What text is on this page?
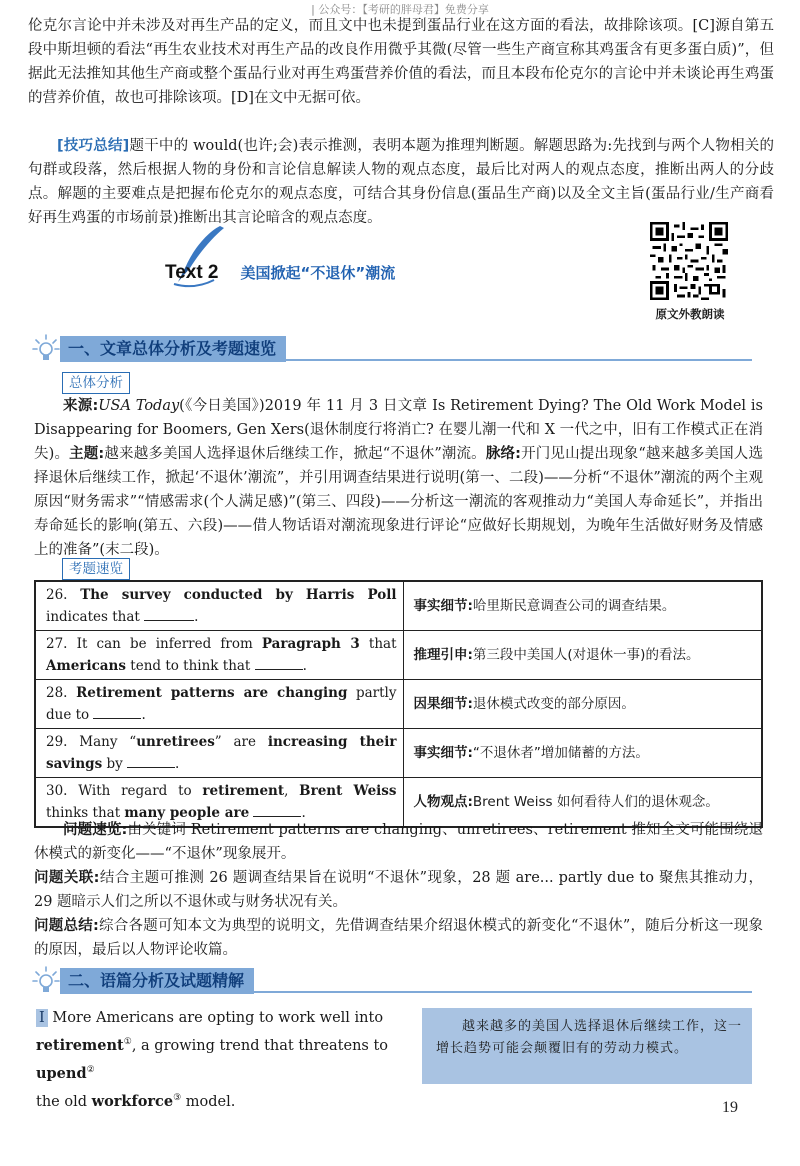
| 公众号：【考研的胖母君】免费分享
伦克尔言论中并未涉及对再生产品的定义，而且文中也未提到蛋品行业在这方面的看法，故排除该项。[C]源自第五段中斯坦顿的看法“再生农业技术对再生产品的改良作用微乎其微(尽管一些生产商宣称其鸡蛋含有更多蛋白质)”，但据此无法推知其他生产商或整个蛋品行业对再生鸡蛋营养价值的看法，而且本段布伦克尔的言论中并未谈论再生鸡蛋的营养价值，故也可排除该项。[D]在文中无据可依。
[技巧总结]题干中的 would(也许;会)表示推测，表明本题为推理判断题。解题思路为:先找到与两个人物相关的句群或段落，然后根据人物的身份和言论信息解读人物的观点态度，最后比对两人的观点态度，推断出两人的分歧点。解题的主要难点是把握布伦克尔的观点态度，可结合其身份信息(蛋品生产商)以及全文主旨(蛋品行业/生产商看好再生鸡蛋的市场前景)推断出其言论暗含的观点态度。
Text 2 美国掀起“不退休”潮流
原文外教朗读
一、文章总体分析及考题速览
总体分析
来源:USA Today(《今日美国》)2019 年 11 月 3 日文章 Is Retirement Dying? The Old Work Model is Disappearing for Boomers, Gen Xers(退休制度行将消亡? 在婴儿潮一代和 X 一代之中，旧有工作模式正在消失)。主题:越来越多美国人选择退休后继续工作，掀起“不退休”潮流。脉络:开门见山提出现象“越来越多美国人选择退休后继续工作，掀起‘不退休’潮流”，并引用调查结果进行说明(第一、二段)——分析“不退休”潮流的两个主观原因“财务需求”“情感需求(个人满足感)”(第三、四段)——分析这一潮流的客观推动力“美国人寿命延长”，并指出寿命延长的影响(第五、六段)——借人物话语对潮流现象进行评论“应做好长期规划，为晚年生活做好财务及情感上的准备”(末二段)。
考题速览
26. The survey conducted by Harris Poll indicates that .	事实细节:哈里斯民意调查公司的调查结果。
27. It can be inferred from Paragraph 3 that Americans tend to think that .	推理引申:第三段中美国人(对退休一事)的看法。
28. Retirement patterns are changing partly due to .	因果细节:退休模式改变的部分原因。
29. Many “unretirees” are increasing their savings by .	事实细节:“不退休者”增加储蓄的方法。
30. With regard to retirement, Brent Weiss thinks that many people are .	人物观点:Brent Weiss 如何看待人们的退休观念。
问题速览:由关键词 Retirement patterns are changing、unretirees、retirement 推知全文可能围绕退休模式的新变化——“不退休”现象展开。
问题关联:结合主题可推测 26 题调查结果旨在说明“不退休”现象，28 题 are... partly due to 聚焦其推动力，29 题暗示人们之所以不退休或与财务状况有关。
问题总结:综合各题可知本文为典型的说明文，先借调查结果介绍退休模式的新变化“不退休”，随后分析这一现象的原因，最后以人物评论收篇。
二、语篇分析及试题精解
I More Americans are opting to work well into retirement①, a growing trend that threatens to upend②
the old workforce③ model.
越来越多的美国人选择退休后继续工作，这一增长趋势可能会颠覆旧有的劳动力模式。
19
